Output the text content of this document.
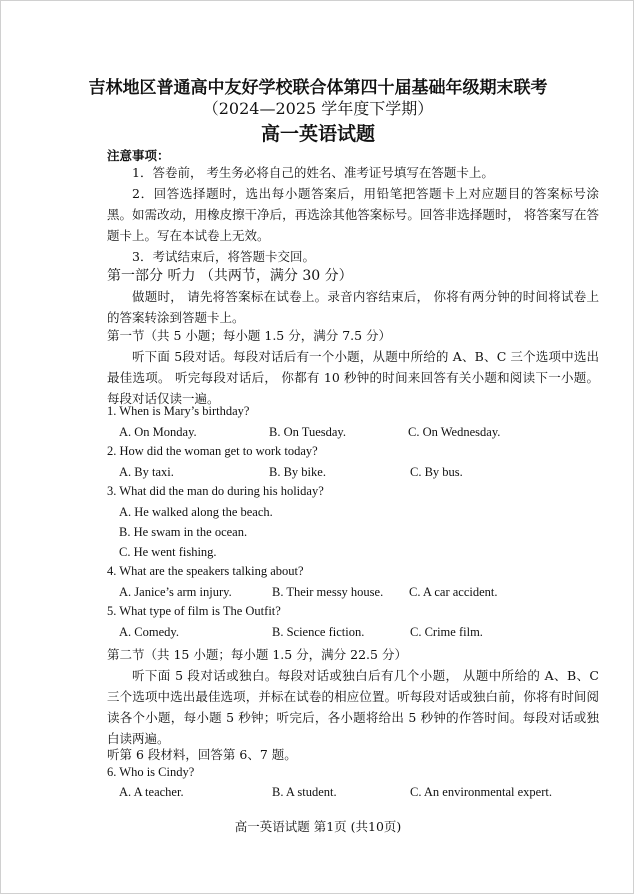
吉林地区普通高中友好学校联合体第四十届基础年级期末联考
（2024—2025 学年度下学期）
高一英语试题
注意事项：
1．答卷前， 考生务必将自己的姓名、准考证号填写在答题卡上。
2．回答选择题时，选出每小题答案后，用铅笔把答题卡上对应题目的答案标号涂黑。如需改动，用橡皮擦干净后，再选涂其他答案标号。回答非选择题时， 将答案写在答题卡上。写在本试卷上无效。
3．考试结束后，将答题卡交回。
第一部分 听力 （共两节，满分 30 分）
做题时， 请先将答案标在试卷上。录音内容结束后， 你将有两分钟的时间将试卷上的答案转涂到答题卡上。
第一节（共 5 小题；每小题 1.5 分，满分 7.5 分）
听下面 5段对话。每段对话后有一个小题，从题中所给的 A、B、C 三个选项中选出最佳选项。 听完每段对话后， 你都有 10 秒钟的时间来回答有关小题和阅读下一小题。每段对话仅读一遍。
1. When is Mary’s birthday?
A. On Monday.	B. On Tuesday.	C. On Wednesday.
2. How did the woman get to work today?
A. By taxi.	B. By bike.	C. By bus.
3. What did the man do during his holiday?
A. He walked along the beach.
B. He swam in the ocean.
C. He went fishing.
4. What are the speakers talking about?
A. Janice’s arm injury.	B. Their messy house. C. A car accident.
5. What type of film is The Outfit?
A. Comedy.	B. Science fiction.	C. Crime film.
第二节（共 15 小题；每小题 1.5 分，满分 22.5 分）
听下面 5 段对话或独白。每段对话或独白后有几个小题， 从题中所给的 A、B、C 三个选项中选出最佳选项，并标在试卷的相应位置。听每段对话或独白前，你将有时间阅读各个小题，每小题 5 秒钟；听完后，各小题将给出 5 秒钟的作答时间。每段对话或独白读两遍。
听第 6 段材料，回答第 6、7 题。
6. Who is Cindy?
A. A teacher.	B. A student.	C. An environmental expert.
高一英语试题 第1页 (共10页)
